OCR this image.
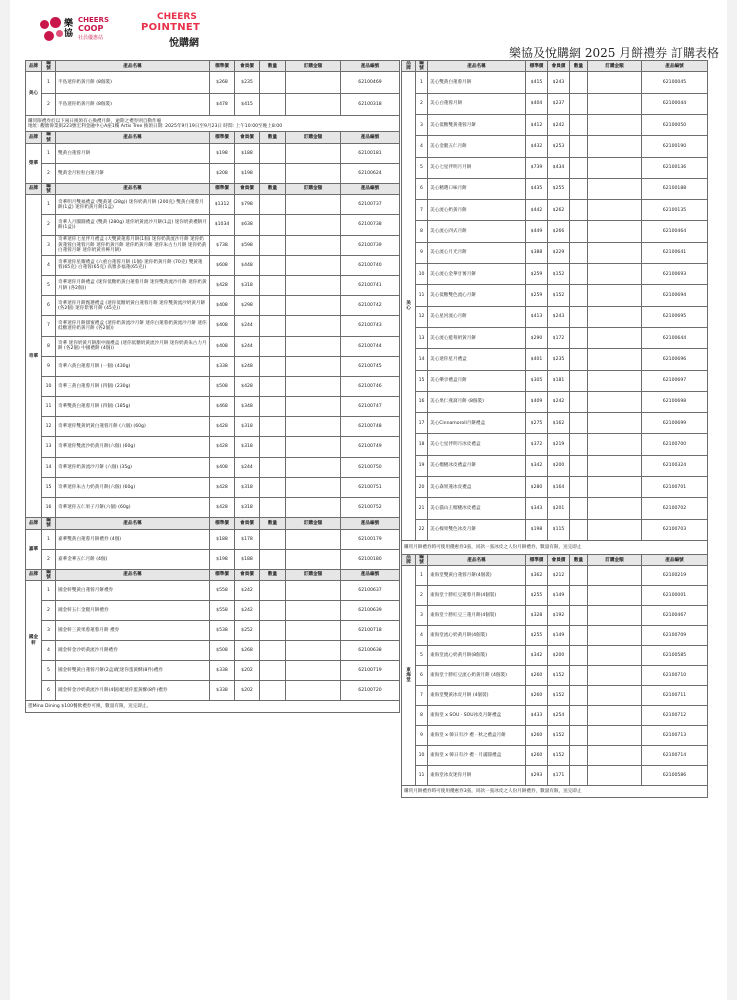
樂協
CHEERS
COOP
社員優惠站
CHEERS
POINTNET
悅購網
樂協及悅購網 2025 月餅禮券 訂購表格
品牌	編號	產品名稱	標準價	會員價	數量	訂購金額	產品編號
美心	1	半島迷你奶黃月餅 (8個裝)	$268	$235			62100469
	2	半島迷你奶黃月餅 (8個裝)	$478	$415			62100318
購買限禮券於以下兩日換領有心換禮月餅，逾期之禮券則自動作廢
地址: 觀塘偉業街223號宏利金融中心A座1樓 Artis Tree 換領日期: 2025年9月19日至9月23日 時間: 上午10:00至晚上8:00							
品牌	編號	產品名稱	標準價	會員價	數量	訂購金額	產品編號
榮華	1	雙黃白蓮蓉月餅	$198	$188			62100181
	2	雙黃金月粒粒白蓮月餅	$208	$198			62100624
品牌	編號	產品名稱	標準價	會員價	數量	訂購金額	產品編號
奇華	1	奇華明月雙福禮盒 (雙黃蓮 (28g)) 迷你奶黃月餅 (200克) 雙黃白蓮蓉月餅(1盒) 迷你奶黃月餅(1盒)	$1312	$798			62100737
	2	奇華人月團圓禮盒 (雙黃 (280g) 迷你奶黃流沙月餅(1盒) 迷你奶黃禮餅月餅(1盒))	$1034	$638			62100738
	3	奇華迷你七星伴月禮盒 (大雙黃蓮蓉月餅(1個) 迷你奶黃流沙月餅 迷你奶黃蓮蓉白蓮蓉月餅 迷你奶黃月餅 迷你奶黃月餅 迷你朱古力月餅 迷你奶黃白蓮蓉月餅 迷你奶黃青檸月餅)	$738	$598			62100739
	4	奇華迷你星耀禮盒 (六重白蓮蓉月餅 (1個) 迷你奶黃月餅 (70克) 雙黃蓮蓉(65克) 白蓮蓉(65克) 高雅多福蓮(65克))	$608	$448			62100740
	5	奇華迷你月餅禮盒 (迷你低糖奶黃白蓮蓉月餅 迷你雙黃流沙月餅 迷你奶黃月餅 (各2個))	$428	$318			62100741
	6	奇華迷你月餅甄選禮盒 (迷你低糖奶黃白蓮蓉月餅 迷你雙黃流沙奶黃月餅 (各2個) 迷你紫薯月餅 (45克))	$408	$298			62100742
	7	奇華迷你月餅甜蜜禮盒 (迷你奶黃流沙月餅 迷你白蓮蓉奶黃流沙月餅 迷你低糖迷你奶黃月餅 (各2個))	$408	$244			62100743
	8	奇華 迷你奶黃月餅甜中國禮盒 (迷你低糖奶黃流沙月餅 迷你奶黃朱古力月餅 (各2個) 中國禮餅 (4個))	$408	$244			62100744
	9	奇華六黃白蓮蓉月餅 (一個) (430g)	$338	$248			62100745
	10	奇華三黃白蓮蓉月餅 (四個) (230g)	$508	$428			62100746
	11	奇華雙黃白蓮蓉月餅 (四個) (185g)	$468	$348			62100747
	12	奇華迷你雙黃奶黃白蓮蓉月餅 (六個) (60g)	$428	$318			62100748
	13	奇華迷你雙流沙奶黃月餅(六個) (60g)	$428	$318			62100749
	14	奇華迷你奶黃流沙月餅 (六個) (35g)	$408	$244			62100750
	15	奇華迷你朱古力奶黃月餅(六個) (60g)	$428	$318			62100751
	16	奇華迷你五仁果子月餅(六個) (60g)	$428	$318			62100752
品牌	編號	產品名稱	標準價	會員價	數量	訂購金額	產品編號
嘉華	1	嘉華雙黃白蓮蓉月餅禮券 (4個)	$188	$178			62100179
	2	嘉華金華五仁月餅 (4個)	$198	$188			62100180
品牌	編號	產品名稱	標準價	會員價	數量	訂購金額	產品編號
國金軒	1	國金軒雙黃白蓮蓉月餅禮券	$558	$242			62100637
	2	國金軒五仁金腿月餅禮券	$558	$242			62100639
	3	國金軒三黃果蓉蓮蓉月餅 禮券	$538	$252			62100718
	4	國金軒金沙奶黃流沙月餅禮券	$508	$268			62100638
	5	國金軒雙黃白蓮蓉月餅(2盒)配迷你蛋黃酥(8件)禮券	$338	$202			62100719
	6	國金軒金沙奶黃流沙月餅(4個)配迷你蛋黃酥(8件)禮券	$338	$202			62100720
憑Mina Dining $100餐飲禮券可換，數量有限，送完即止。							
品牌	編號	產品名稱	標準價	會員價	數量	訂購金額	產品編號
美心	1	美心雙黃白蓮蓉月餅	$415	$243			62100045
	2	美心白蓮蓉月餅	$404	$237			62100044
	3	美心低糖雙黃蓮蓉月餅	$412	$242			62100050
	4	美心金腿五仁月餅	$432	$253			62100190
	5	美心七星伴明月月餅	$739	$434			62100136
	6	美心精選口味月餅	$435	$255			62100188
	7	美心流心奶黃月餅	$442	$262			62100135
	8	美心流心四式月餅	$449	$266			62100464
	9	美心流心月光月餅	$388	$229			62100641
	10	美心流心金華甘薯月餅	$259	$152			62100693
	11	美心低糖雙色流心月餅	$259	$152			62100694
	12	美心星河流心月餅	$413	$243			62100695
	13	美心流心藍莓奶黃月餅	$290	$172			62100644
	14	美心迷你星月禮盒	$401	$235			62100696
	15	美心樂享禮盒月餅	$305	$181			62100697
	16	美心果仁燕窩月餅 (8個裝)	$409	$242			62100698
	17	美心Cinnamoroll月餅禮盒	$275	$162			62100699
	18	美心七星伴明月冰皮禮盒	$372	$219			62100700
	19	美心榴槤冰皮禮盒月餅	$342	$200			62100324
	20	美心森果蓮冰皮禮盒	$280	$164			62100701
	21	美心貓山王榴槤冰皮禮盒	$343	$201			62100702
	22	美心榛果雙色冰皮月餅	$198	$115			62100703
購買月餅禮券時可使用優惠券3張，同款一張冰皮之人份月餅禮券，數量有限，送完即止							
品牌	編號	產品名稱	標準價	會員價	數量	訂購金額	產品編號
東海堂	1	東海堂雙黃白蓮蓉月餅(4個裝)	$362	$212			62100219
	2	東海堂十勝紅豆蓮蓉月餅(4個裝)	$255	$149			62100001
	3	東海堂十勝紅豆三蓮月餅(4個裝)	$328	$192			62100467
	4	東海堂流心奶黃月餅(4個裝)	$255	$149			62100709
	5	東海堂流心奶黃月餅(8個裝)	$342	$200			62100585
	6	東海堂十勝紅豆流心奶黃月餅 (4個裝)	$260	$152			62100710
	7	東海堂雙黃冰皮月餅 (4個裝)	$260	$152			62100711
	8	東海堂 x SOU · SOU冰皮月餅禮盒	$433	$254			62100712
	9	東海堂 x 韓日有沙 禮 · 秋之禮盒月餅	$260	$152			62100713
	10	東海堂 x 韓日有沙 禮 · 月滿圓禮盒	$260	$152			62100714
	11	東海堂冰皮迷你月餅	$293	$171			62100586
購買月餅禮券時可使用優惠券3張，同款一張冰皮之人份月餅禮券，數量有限，送完即止							
